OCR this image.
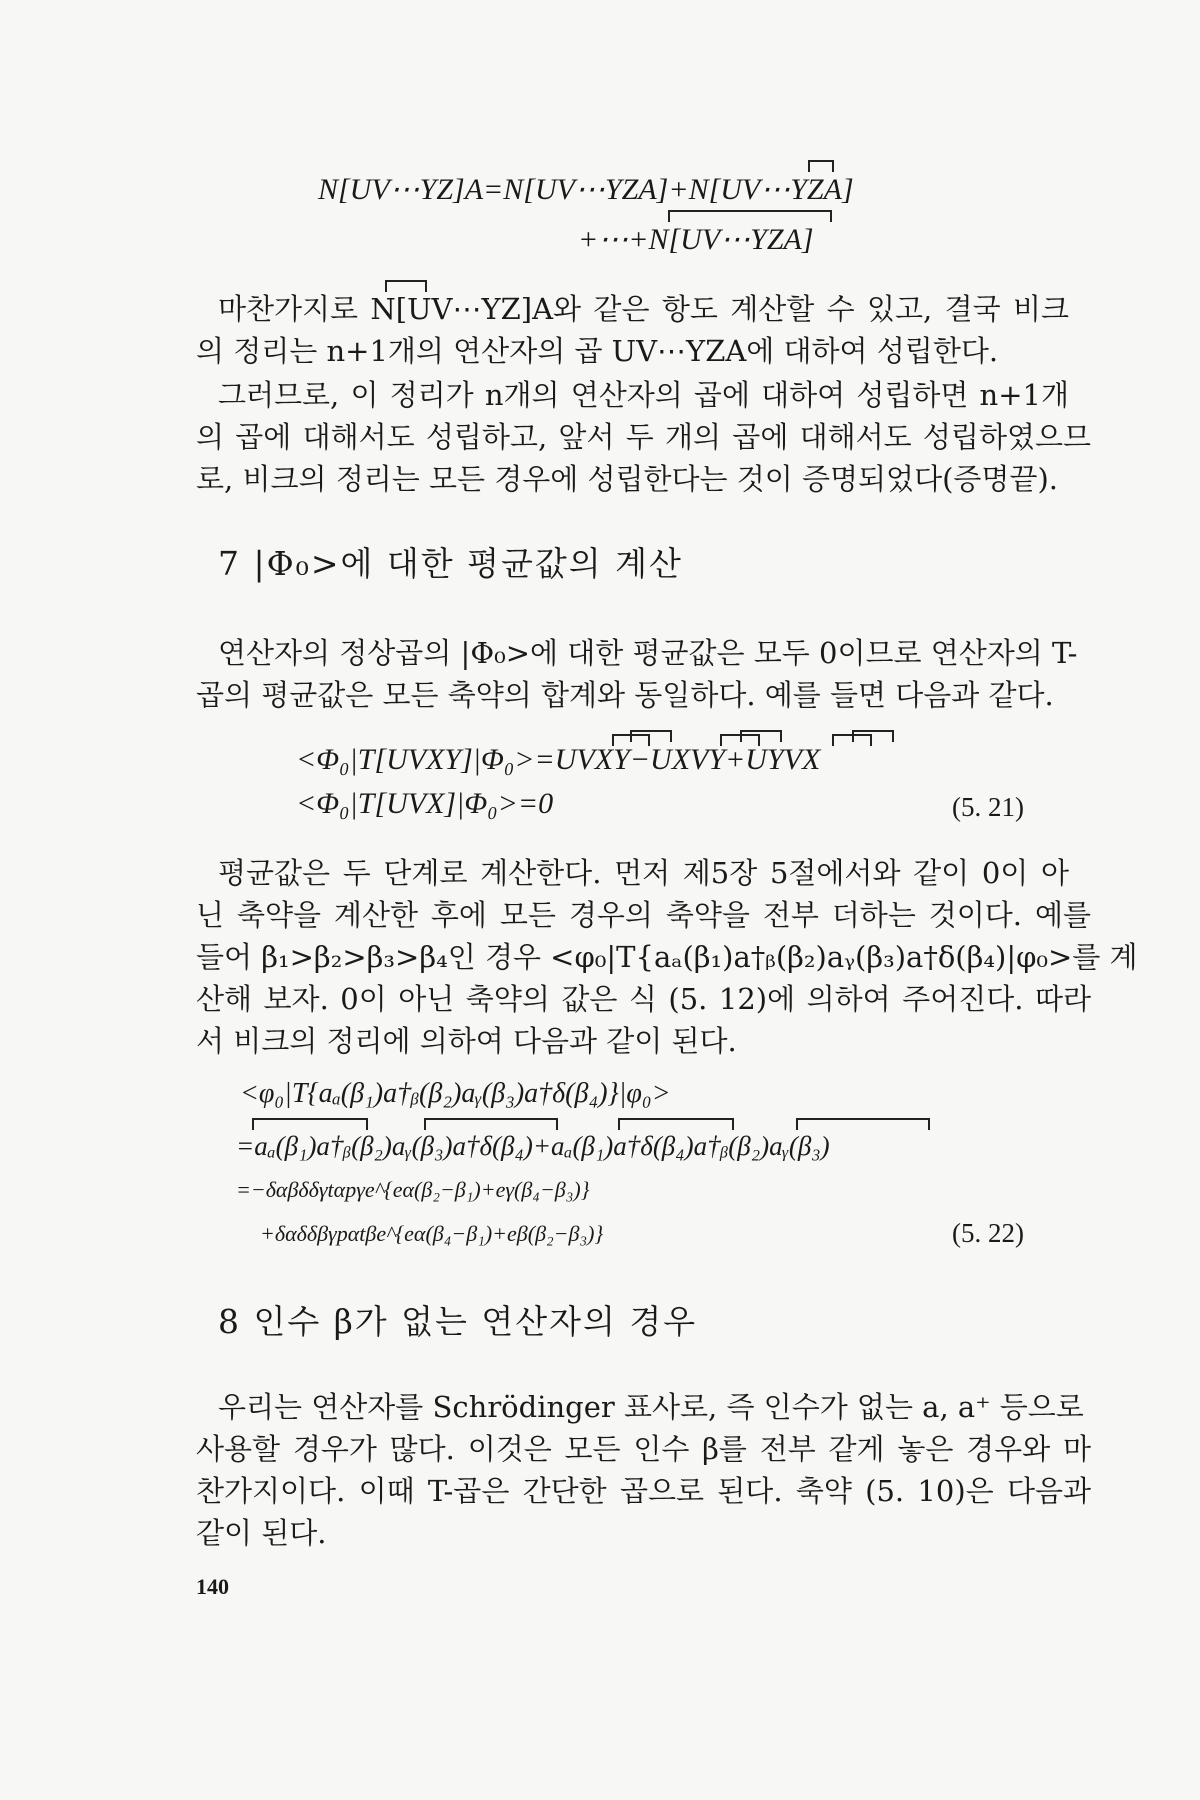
N[UV⋯YZ]A=N[UV⋯YZA]+N[UV⋯YZA]
+⋯+N[UV⋯YZA]

마찬가지로 N[UV⋯YZ]A와 같은 항도 계산할 수 있고, 결국 비크

의 정리는 n+1개의 연산자의 곱 UV⋯YZA에 대하여 성립한다.

그러므로, 이 정리가 n개의 연산자의 곱에 대하여 성립하면 n+1개

의 곱에 대해서도 성립하고, 앞서 두 개의 곱에 대해서도 성립하였으므

로, 비크의 정리는 모든 경우에 성립한다는 것이 증명되었다(증명끝).

7 |Φ₀>에 대한 평균값의 계산

연산자의 정상곱의 |Φ₀>에 대한 평균값은 모두 0이므로 연산자의 T-

곱의 평균값은 모든 축약의 합계와 동일하다. 예를 들면 다음과 같다.

<Φ₀|T[UVXY]|Φ₀>=UVXY−UXVY+UYVX
<Φ₀|T[UVX]|Φ₀>=0	(5. 21)

평균값은 두 단계로 계산한다. 먼저 제5장 5절에서와 같이 0이 아

닌 축약을 계산한 후에 모든 경우의 축약을 전부 더하는 것이다. 예를

들어 β₁>β₂>β₃>β₄인 경우 <φ₀|T{aₐ(β₁)a†ᵦ(β₂)aᵧ(β₃)a†δ(β₄)|φ₀>를 계

산해 보자. 0이 아닌 축약의 값은 식 (5. 12)에 의하여 주어진다. 따라

서 비크의 정리에 의하여 다음과 같이 된다.

<φ₀|T{aₐ(β₁)a†ᵦ(β₂)aᵧ(β₃)a†δ(β₄)}|φ₀>
=aₐ(β₁)a†ᵦ(β₂)aᵧ(β₃)a†δ(β₄)+aₐ(β₁)a†δ(β₄)a†ᵦ(β₂)aᵧ(β₃)
=−δαβδδγtαpγe^{eα(β₂−β₁)+eγ(β₄−β₃)}
+δαδδβγpαtβe^{eα(β₄−β₁)+eβ(β₂−β₃)}	(5. 22)
8 인수 β가 없는 연산자의 경우

우리는 연산자를 Schrödinger 표사로, 즉 인수가 없는 a, a⁺ 등으로

사용할 경우가 많다. 이것은 모든 인수 β를 전부 같게 놓은 경우와 마

찬가지이다. 이때 T-곱은 간단한 곱으로 된다. 축약 (5. 10)은 다음과

같이 된다.

140
